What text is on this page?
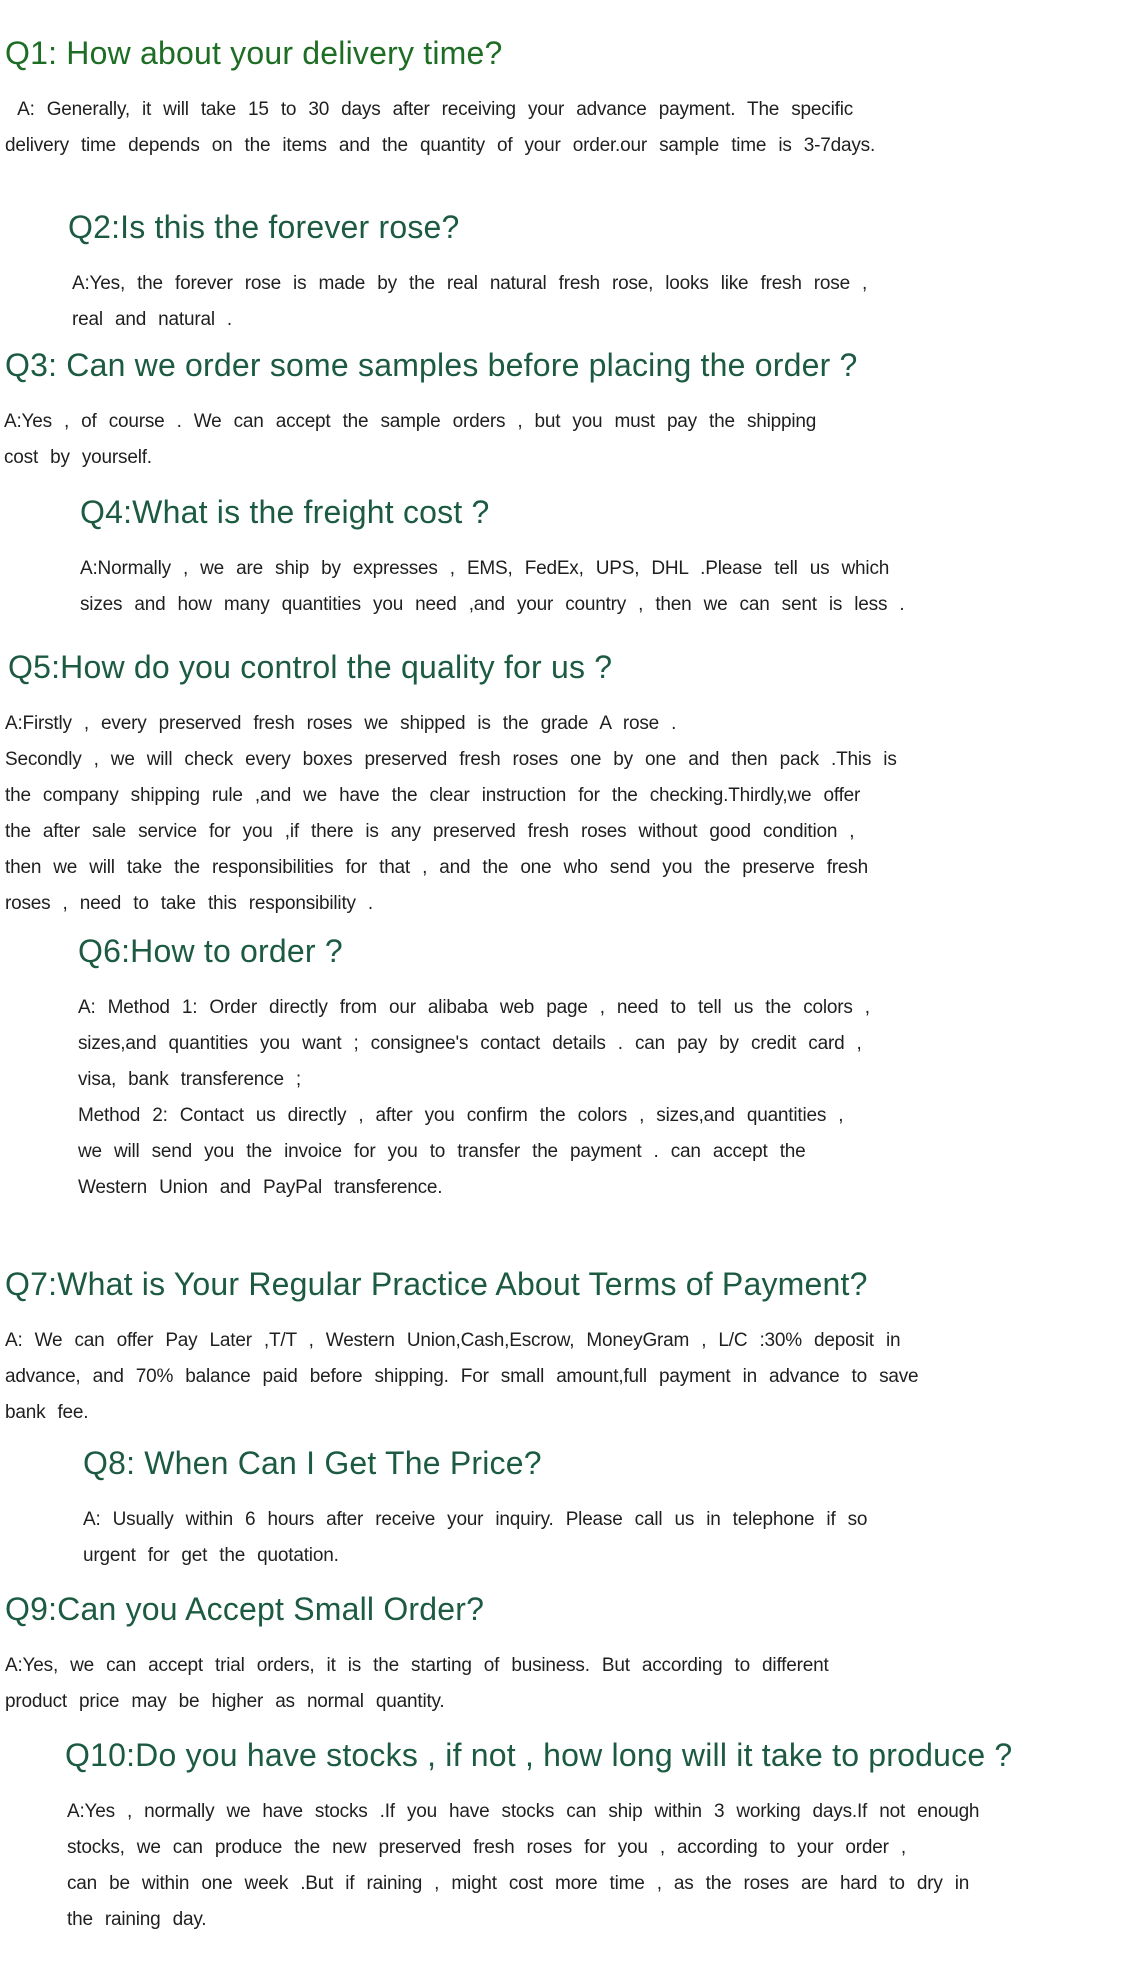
Q1: How about your delivery time?
A: Generally, it will take 15 to 30 days after receiving your advance payment. The specific
delivery time depends on the items and the quantity of your order.our sample time is 3-7days.
Q2:Is this the forever rose?
A:Yes, the forever rose is made by the real natural fresh rose, looks like fresh rose ,
real and natural .
Q3: Can we order some samples before placing the order ?
A:Yes , of course . We can accept the sample orders , but you must pay the shipping
cost by yourself.
Q4:What is the freight cost ?
A:Normally , we are ship by expresses , EMS, FedEx, UPS, DHL .Please tell us which
sizes and how many quantities you need ,and your country , then we can sent is less .
Q5:How do you control the quality for us ?
A:Firstly , every preserved fresh roses we shipped is the grade A rose .
Secondly , we will check every boxes preserved fresh roses one by one and then pack .This is
the company shipping rule ,and we have the clear instruction for the checking.Thirdly,we offer
the after sale service for you ,if there is any preserved fresh roses without good condition ,
then we will take the responsibilities for that , and the one who send you the preserve fresh
roses , need to take this responsibility .
Q6:How to order ?
A: Method 1: Order directly from our alibaba web page , need to tell us the colors ,
sizes,and quantities you want ; consignee's contact details . can pay by credit card ,
visa, bank transference ;
Method 2: Contact us directly , after you confirm the colors , sizes,and quantities ,
we will send you the invoice for you to transfer the payment . can accept the
Western Union and PayPal transference.
Q7:What is Your Regular Practice About Terms of Payment?
A: We can offer Pay Later ,T/T , Western Union,Cash,Escrow, MoneyGram , L/C :30% deposit in
advance, and 70% balance paid before shipping. For small amount,full payment in advance to save
bank fee.
Q8: When Can I Get The Price?
A: Usually within 6 hours after receive your inquiry. Please call us in telephone if so
urgent for get the quotation.
Q9:Can you Accept Small Order?
A:Yes, we can accept trial orders, it is the starting of business. But according to different
product price may be higher as normal quantity.
Q10:Do you have stocks , if not , how long will it take to produce ?
A:Yes , normally we have stocks .If you have stocks can ship within 3 working days.If not enough
stocks, we can produce the new preserved fresh roses for you , according to your order ,
can be within one week .But if raining , might cost more time , as the roses are hard to dry in
the raining day.
